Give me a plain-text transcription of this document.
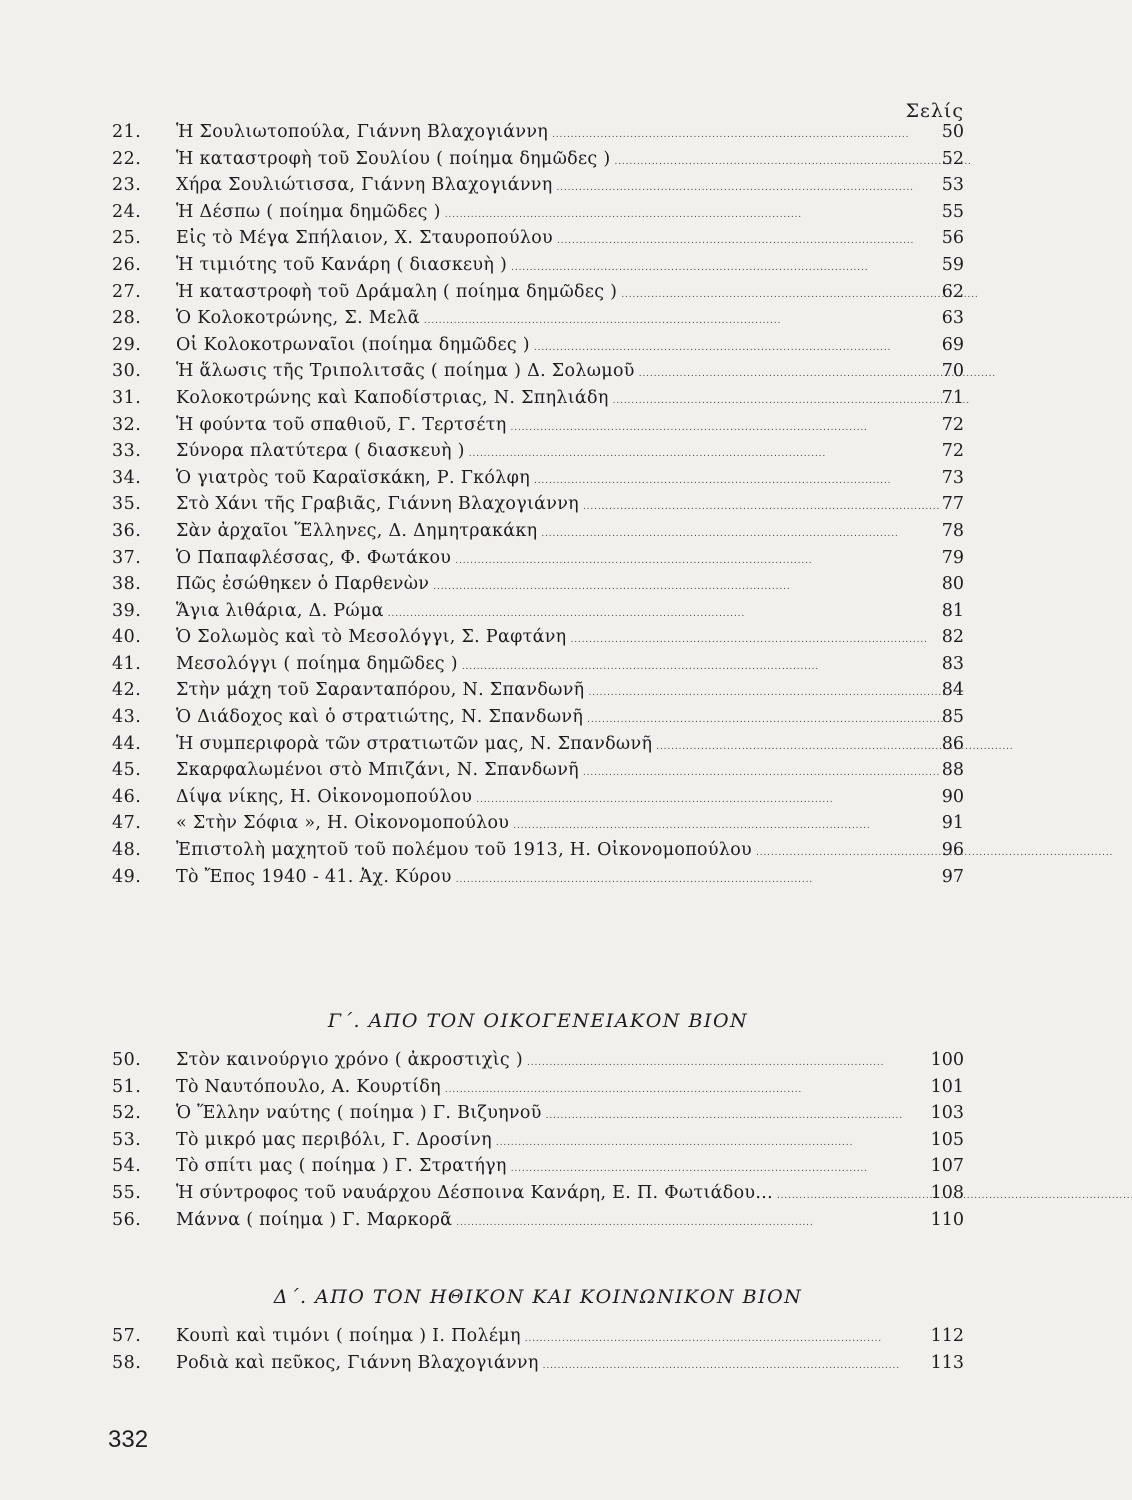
Σελίς
21.	Ἡ Σουλιωτοπούλα, Γιάννη Βλαχογιάννη . . .	50
22.	Ἡ καταστροφὴ τοῦ Σουλίου ( ποίημα δημῶδες ) . . .	52
23.	Χήρα Σουλιώτισσα, Γιάννη Βλαχογιάννη . . .	53
24.	Ἡ Δέσπω ( ποίημα δημῶδες ) . . .	55
25.	Εἰς τὸ Μέγα Σπήλαιον, Χ. Σταυροπούλου . . .	56
26.	Ἡ τιμιότης τοῦ Κανάρη ( διασκευὴ ) . . .	59
27.	Ἡ καταστροφὴ τοῦ Δράμαλη ( ποίημα δημῶδες ) . . .	62
28.	Ὁ Κολοκοτρώνης, Σ. Μελᾶ . . .	63
29.	Οἱ Κολοκοτρωναῖοι (ποίημα δημῶδες ) . . .	69
30.	Ἡ ἅλωσις τῆς Τριπολιτσᾶς ( ποίημα ) Δ. Σολωμοῦ . . .	70
31.	Κολοκοτρώνης καὶ Καποδίστριας, Ν. Σπηλιάδη . . .	71
32.	Ἡ φούντα τοῦ σπαθιοῦ, Γ. Τερτσέτη . . .	72
33.	Σύνορα πλατύτερα ( διασκευὴ ) . . .	72
34.	Ὁ γιατρὸς τοῦ Καραϊσκάκη, Ρ. Γκόλφη . . .	73
35.	Στὸ Χάνι τῆς Γραβιᾶς, Γιάννη Βλαχογιάννη . . .	77
36.	Σὰν ἀρχαῖοι Ἕλληνες, Δ. Δημητρακάκη . . .	78
37.	Ὁ Παπαφλέσσας, Φ. Φωτάκου . . .	79
38.	Πῶς ἐσώθηκεν ὁ Παρθενὼν . . .	80
39.	Ἅγια λιθάρια, Δ. Ρώμα . . .	81
40.	Ὁ Σολωμὸς καὶ τὸ Μεσολόγγι, Σ. Ραφτάνη . . .	82
41.	Μεσολόγγι ( ποίημα δημῶδες ) . . .	83
42.	Στὴν μάχη τοῦ Σαρανταπόρου, Ν. Σπανδωνῆ . . .	84
43.	Ὁ Διάδοχος καὶ ὁ στρατιώτης, Ν. Σπανδωνῆ . . .	85
44.	Ἡ συμπεριφορὰ τῶν στρατιωτῶν μας, Ν. Σπανδωνῆ . . .	86
45.	Σκαρφαλωμένοι στὸ Μπιζάνι, Ν. Σπανδωνῆ . . .	88
46.	Δίψα νίκης, Η. Οἰκονομοπούλου . . .	90
47.	« Στὴν Σόφια », Η. Οἰκονομοπούλου . . .	91
48.	Ἐπιστολὴ μαχητοῦ τοῦ πολέμου τοῦ 1913, Η. Οἰκονομοπούλου . . .	96
49.	Τὸ Ἔπος 1940 - 41. Ἀχ. Κύρου . . .	97
Γ΄. ΑΠΟ ΤΟΝ ΟΙΚΟΓΕΝΕΙΑΚΟΝ ΒΙΟΝ
50.	Στὸν καινούργιο χρόνο ( ἀκροστιχὶς ) . . .	100
51.	Τὸ Ναυτόπουλο, Α. Κουρτίδη . . .	101
52.	Ὁ Ἕλλην ναύτης ( ποίημα ) Γ. Βιζυηνοῦ . . .	103
53.	Τὸ μικρό μας περιβόλι, Γ. Δροσίνη . . .	105
54.	Τὸ σπίτι μας ( ποίημα ) Γ. Στρατήγη . . .	107
55.	Ἡ σύντροφος τοῦ ναυάρχου Δέσποινα Κανάρη, Ε. Π. Φωτιάδου... . . .	108
56.	Μάννα ( ποίημα ) Γ. Μαρκορᾶ . . .	110
Δ΄. ΑΠΟ ΤΟΝ ΗΘΙΚΟΝ ΚΑΙ ΚΟΙΝΩΝΙΚΟΝ ΒΙΟΝ
57.	Κουπὶ καὶ τιμόνι ( ποίημα ) Ι. Πολέμη . . .	112
58.	Ροδιὰ καὶ πεῦκος, Γιάννη Βλαχογιάννη . . .	113
332
